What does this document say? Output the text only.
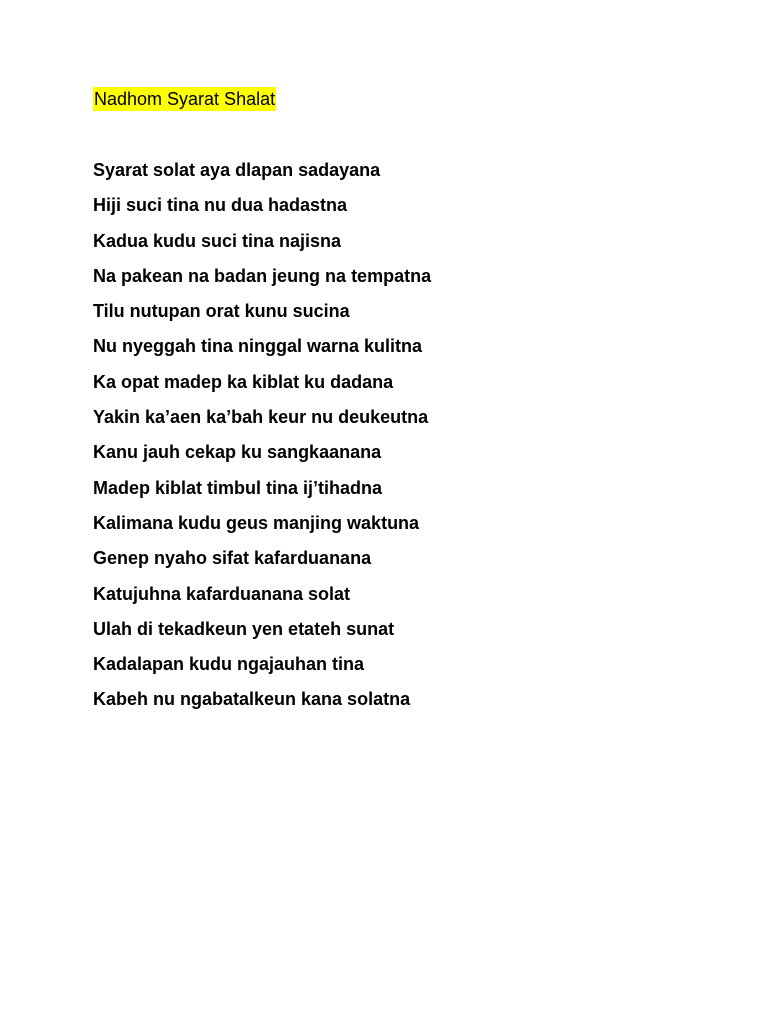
Nadhom Syarat Shalat
Syarat solat aya dlapan sadayana
Hiji suci tina nu dua hadastna
Kadua kudu suci tina najisna
Na pakean na badan jeung na tempatna
Tilu nutupan orat kunu sucina
Nu nyeggah tina ninggal warna kulitna
Ka opat madep ka kiblat ku dadana
Yakin ka’aen ka’bah keur nu deukeutna
Kanu jauh cekap ku sangkaanana
Madep kiblat timbul tina ij’tihadna
Kalimana kudu geus manjing waktuna
Genep nyaho sifat kafarduanana
Katujuhna kafarduanana solat
Ulah di tekadkeun yen etateh sunat
Kadalapan kudu ngajauhan tina
Kabeh nu ngabatalkeun kana solatna
